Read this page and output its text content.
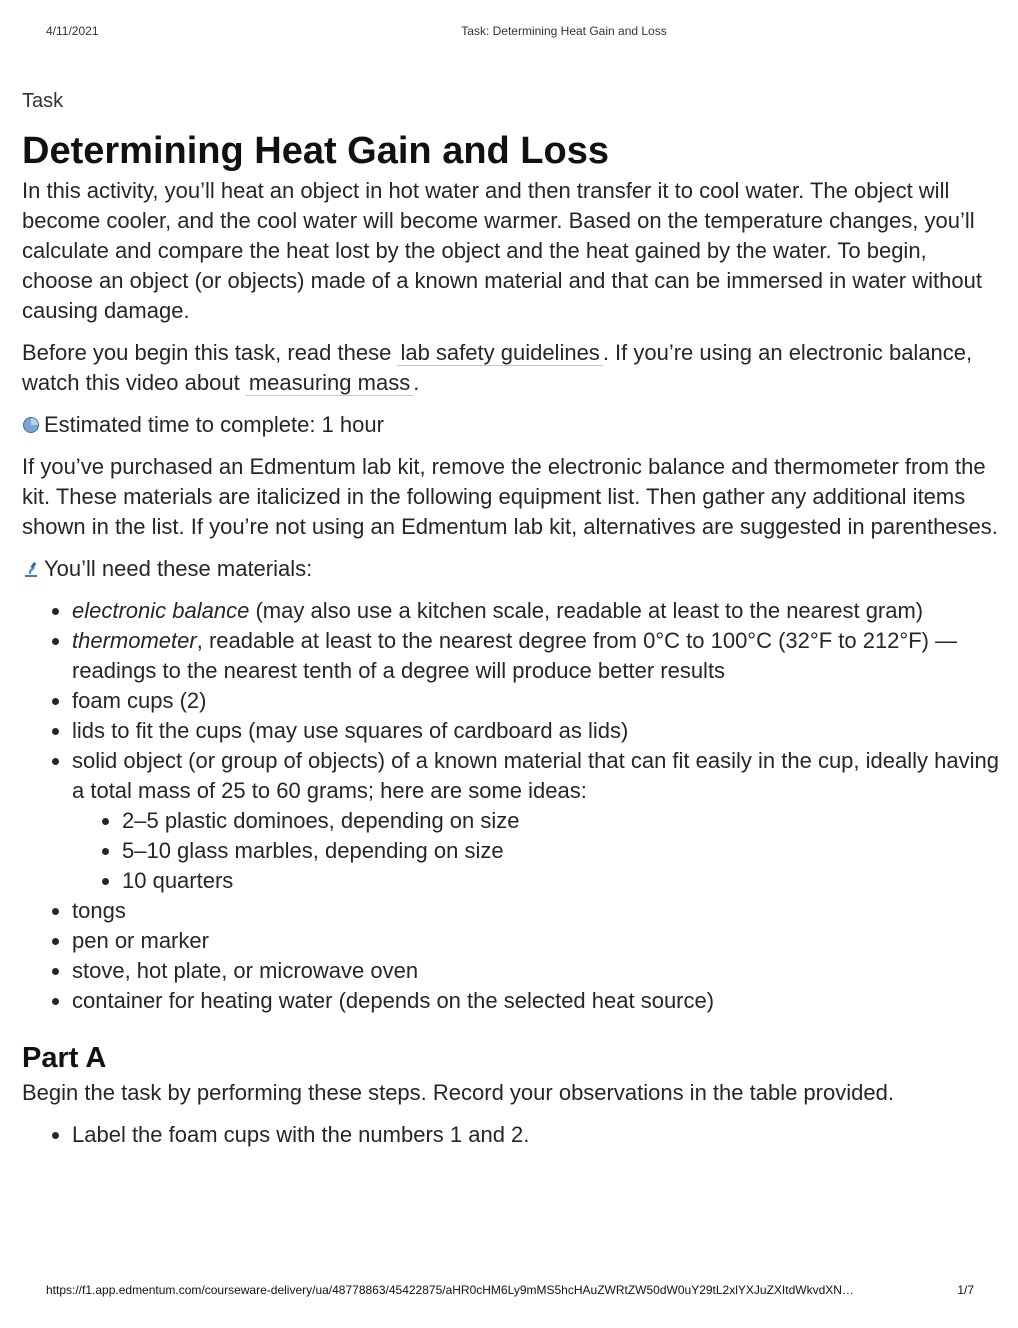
4/11/2021	Task: Determining Heat Gain and Loss
Task
Determining Heat Gain and Loss

In this activity, you’ll heat an object in hot water and then transfer it to cool water. The object will become cooler, and the cool water will become warmer. Based on the temperature changes, you’ll calculate and compare the heat lost by the object and the heat gained by the water. To begin, choose an object (or objects) made of a known material and that can be immersed in water without causing damage.

Before you begin this task, read these lab safety guidelines . If you’re using an electronic balance, watch this video about measuring mass .

Estimated time to complete: 1 hour

If you’ve purchased an Edmentum lab kit, remove the electronic balance and thermometer from the kit. These materials are italicized in the following equipment list. Then gather any additional items shown in the list. If you’re not using an Edmentum lab kit, alternatives are suggested in parentheses.

You’ll need these materials:
• electronic balance (may also use a kitchen scale, readable at least to the nearest gram)
• thermometer, readable at least to the nearest degree from 0°C to 100°C (32°F to 212°F) —readings to the nearest tenth of a degree will produce better results
• foam cups (2)
• lids to fit the cups (may use squares of cardboard as lids)
• solid object (or group of objects) of a known material that can fit easily in the cup, ideally having a total mass of 25 to 60 grams; here are some ideas:
• 2–5 plastic dominoes, depending on size
• 5–10 glass marbles, depending on size
• 10 quarters
• tongs
• pen or marker
• stove, hot plate, or microwave oven
• container for heating water (depends on the selected heat source)
Part A

Begin the task by performing these steps. Record your observations in the table provided.

• Label the foam cups with the numbers 1 and 2.
https://f1.app.edmentum.com/courseware-delivery/ua/48778863/45422875/aHR0cHM6Ly9mMS5hcHAuZWRtZW50dW0uY29tL2xlYXJuZXItdWkvdXN…	1/7
